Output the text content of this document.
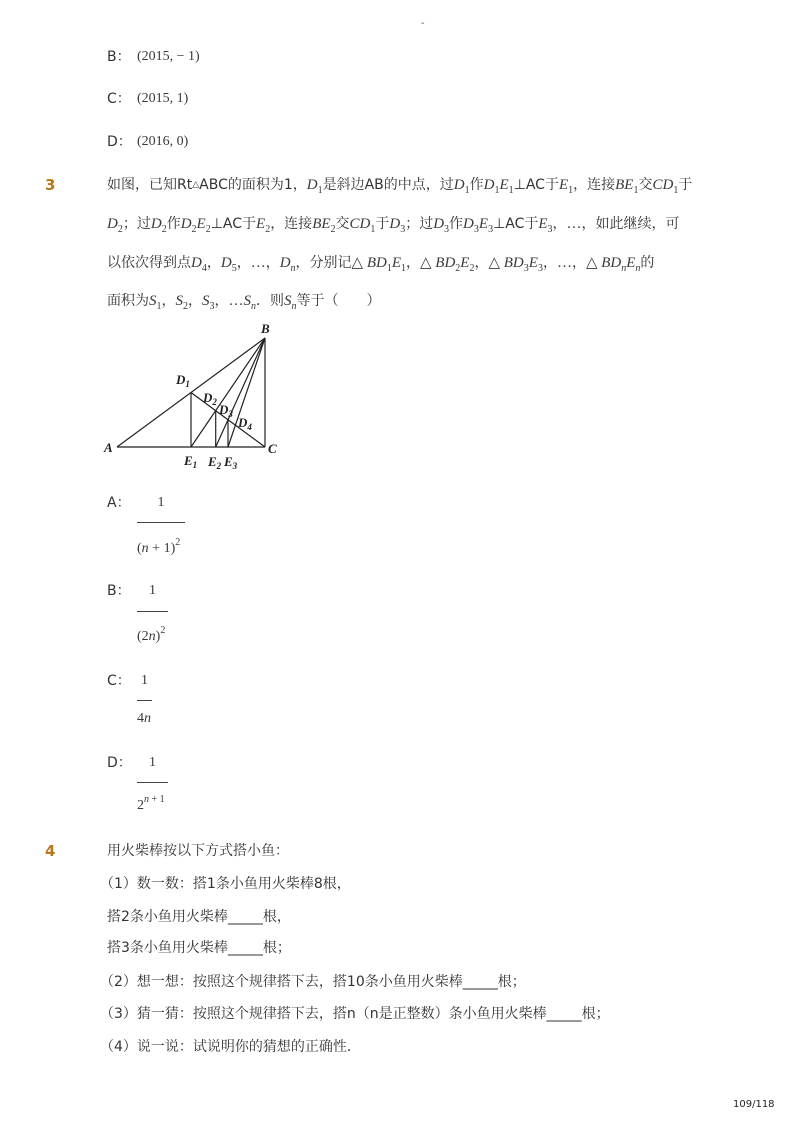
-
B： (2015, − 1)
C： (2015, 1)
D： (2016, 0)
3	如图，已知Rt△ABC的面积为1，$D_1$是斜边AB的中点，过$D_1$作$D_1E_1\perp AC$于$E_1$，连接$BE_1$交$CD_1$于
$D_2$；过$D_2$作$D_2E_2\perp AC$于$E_2$，连接$BE_2$交$CD_1$于$D_3$；过$D_3$作$D_3E_3\perp AC$于$E_3$，…，如此继续，可
以依次得到点$D_4$，$D_5$，…，$D_n$，分别记△ $BD_1E_1$，△ $BD_2E_2$，△ $BD_3E_3$，…，△ $BD_nE_n$的
面积为$S_1$，$S_2$，$S_3$，$\dots S_n$．则$S_n$等于（　　）
B
$D_1$
$D_2$ $D_3$
$D_4$
A	C
$E_1$ $E_2$ $E_3$
A：	1
$(n + 1)^2$
B：	1
$(2n)^2$
C： 1
4n
D：	1
2$^n$ $^{+ 1}$
4	用火柴棒按以下方式搭小鱼：
（1）数一数：搭1条小鱼用火柴棒8根，
搭2条小鱼用火柴棒_____根，
搭3条小鱼用火柴棒_____根；
（2）想一想：按照这个规律搭下去，搭10条小鱼用火柴棒_____根；
（3）猜一猜：按照这个规律搭下去，搭n（n是正整数）条小鱼用火柴棒_____根；
（4）说一说：试说明你的猜想的正确性．
109/118
